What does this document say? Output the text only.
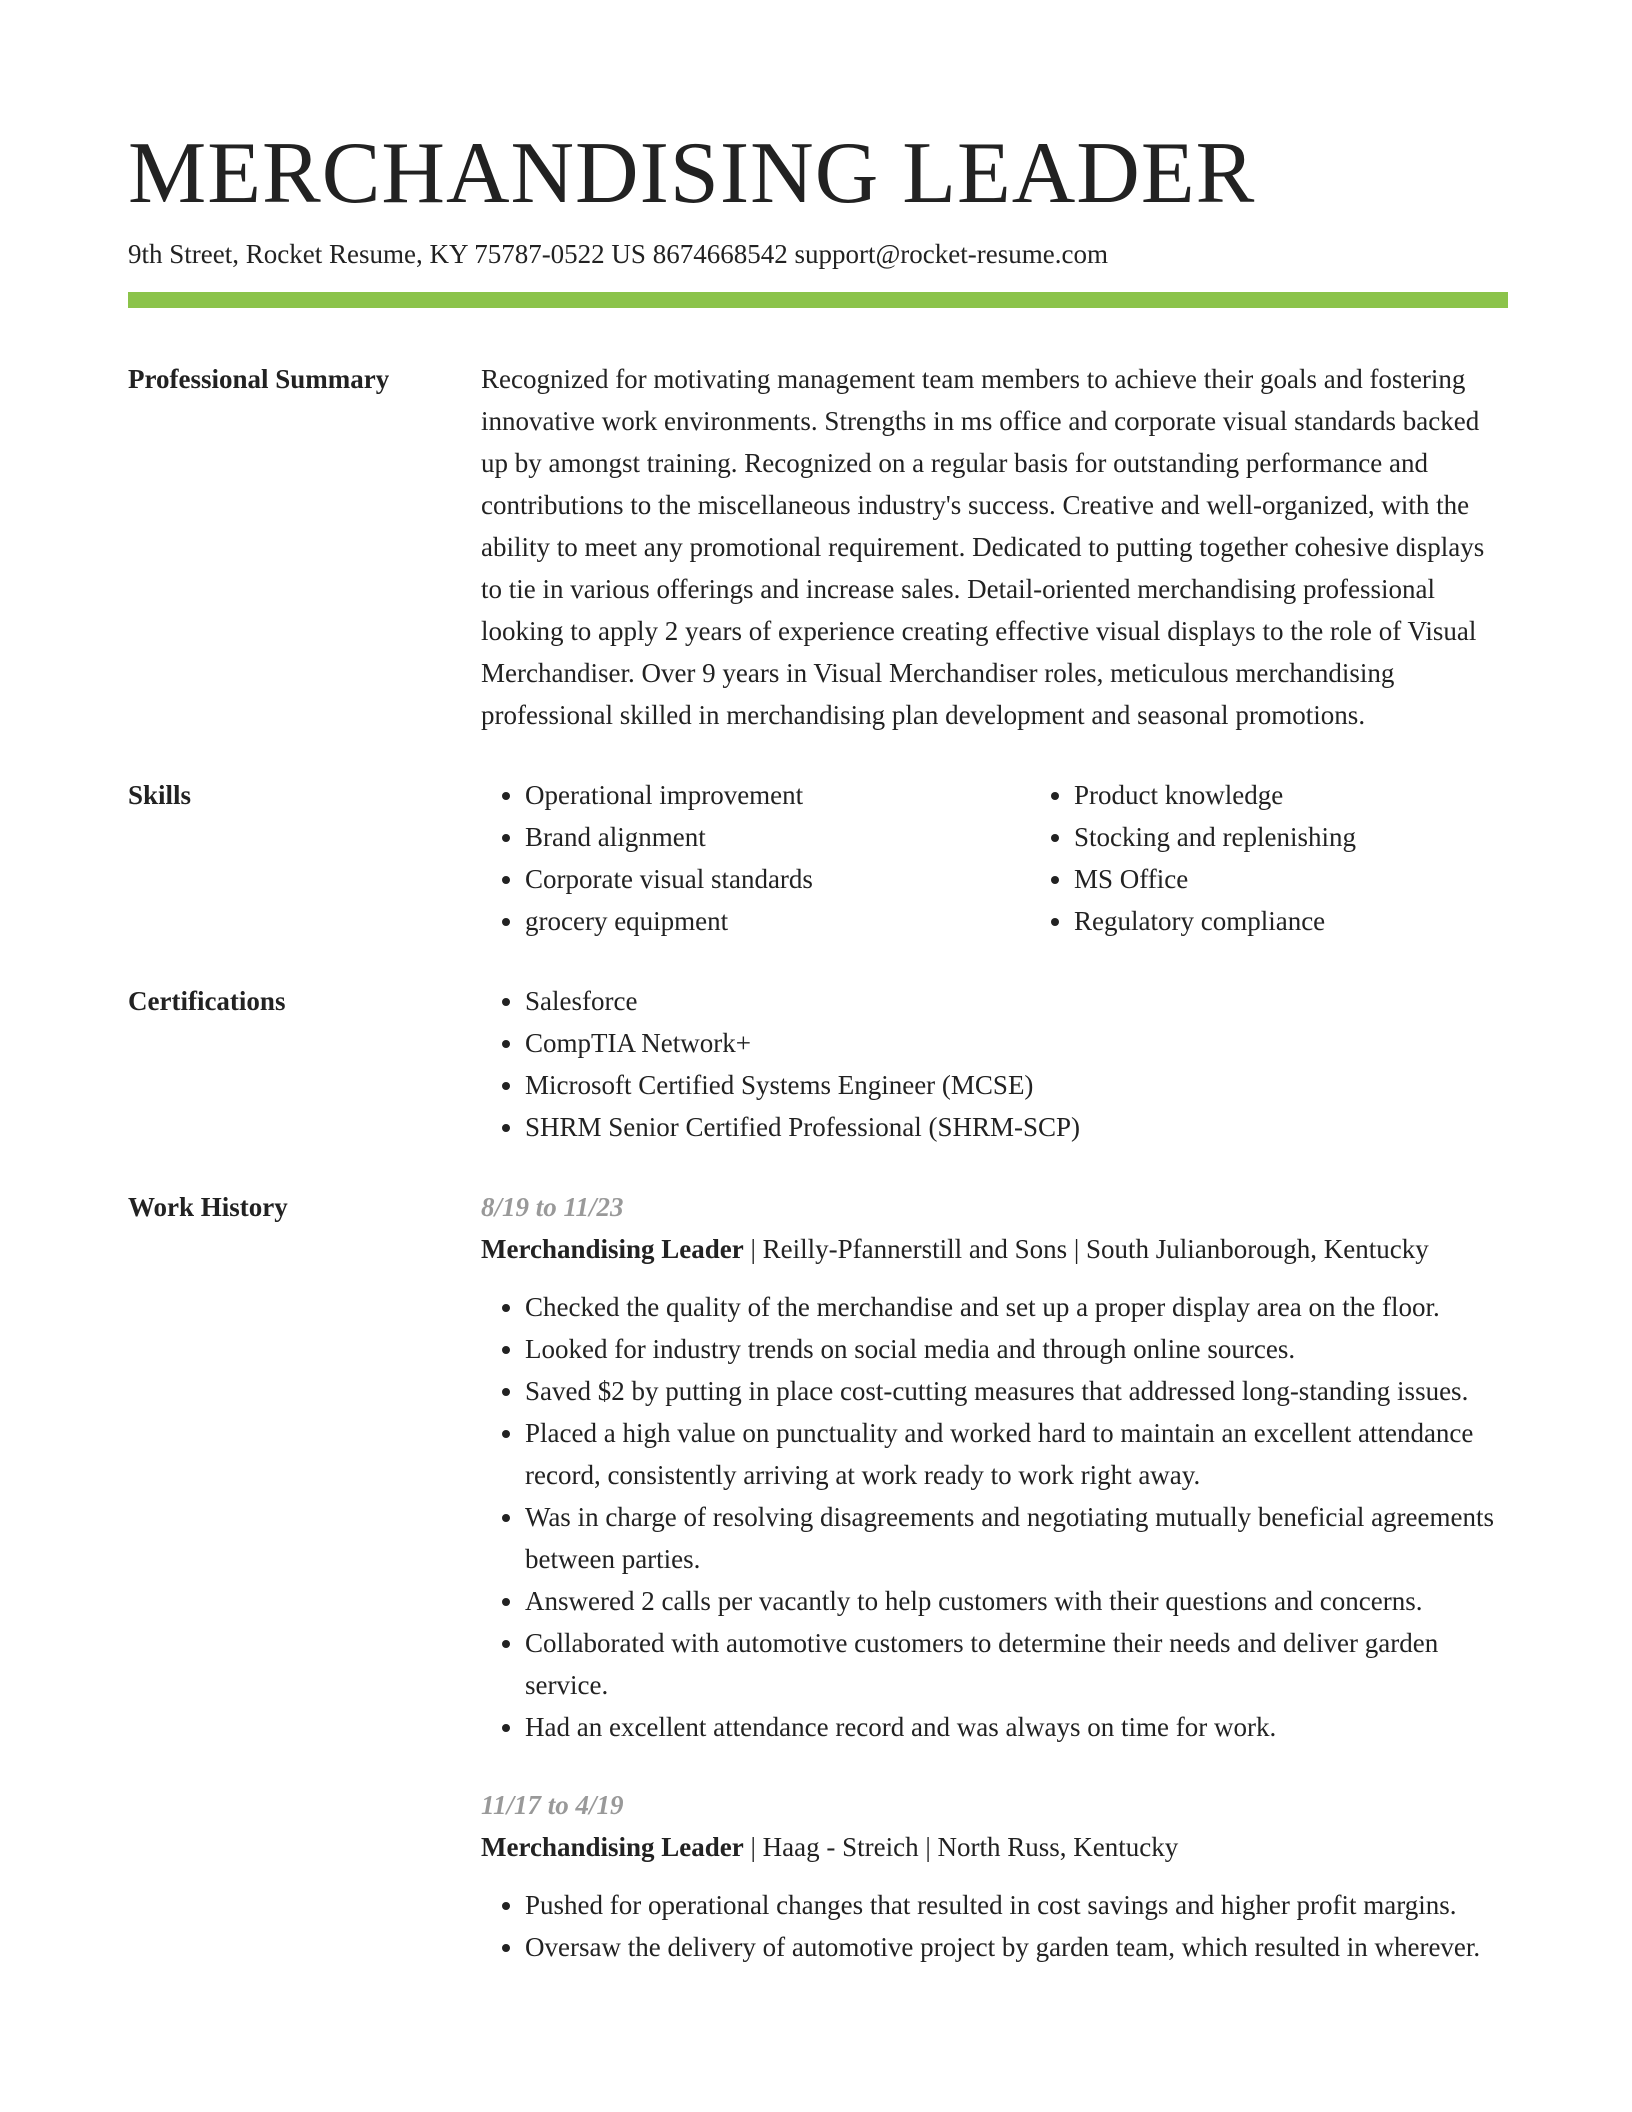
MERCHANDISING LEADER
9th Street, Rocket Resume, KY 75787-0522 US 8674668542 support@rocket-resume.com
Professional Summary	Recognized for motivating management team members to achieve their goals and fostering innovative work environments. Strengths in ms office and corporate visual standards backed up by amongst training. Recognized on a regular basis for outstanding performance and contributions to the miscellaneous industry's success. Creative and well-organized, with the ability to meet any promotional requirement. Dedicated to putting together cohesive displays to tie in various offerings and increase sales. Detail-oriented merchandising professional looking to apply 2 years of experience creating effective visual displays to the role of Visual Merchandiser. Over 9 years in Visual Merchandiser roles, meticulous merchandising professional skilled in merchandising plan development and seasonal promotions.

Skills	• Operational improvement
• Brand alignment
• Corporate visual standards
• grocery equipment
• Product knowledge
• Stocking and replenishing
• MS Office
• Regulatory compliance
Certifications	• Salesforce
• CompTIA Network+
• Microsoft Certified Systems Engineer (MCSE)
• SHRM Senior Certified Professional (SHRM-SCP)
Work History	8/19 to 11/23
Merchandising Leader | Reilly-Pfannerstill and Sons | South Julianborough, Kentucky
• Checked the quality of the merchandise and set up a proper display area on the floor.
• Looked for industry trends on social media and through online sources.
• Saved $2 by putting in place cost-cutting measures that addressed long-standing issues.
• Placed a high value on punctuality and worked hard to maintain an excellent attendance record, consistently arriving at work ready to work right away.
• Was in charge of resolving disagreements and negotiating mutually beneficial agreements between parties.
• Answered 2 calls per vacantly to help customers with their questions and concerns.
• Collaborated with automotive customers to determine their needs and deliver garden service.
• Had an excellent attendance record and was always on time for work.
11/17 to 4/19
Merchandising Leader | Haag - Streich | North Russ, Kentucky
• Pushed for operational changes that resulted in cost savings and higher profit margins.
• Oversaw the delivery of automotive project by garden team, which resulted in wherever.
